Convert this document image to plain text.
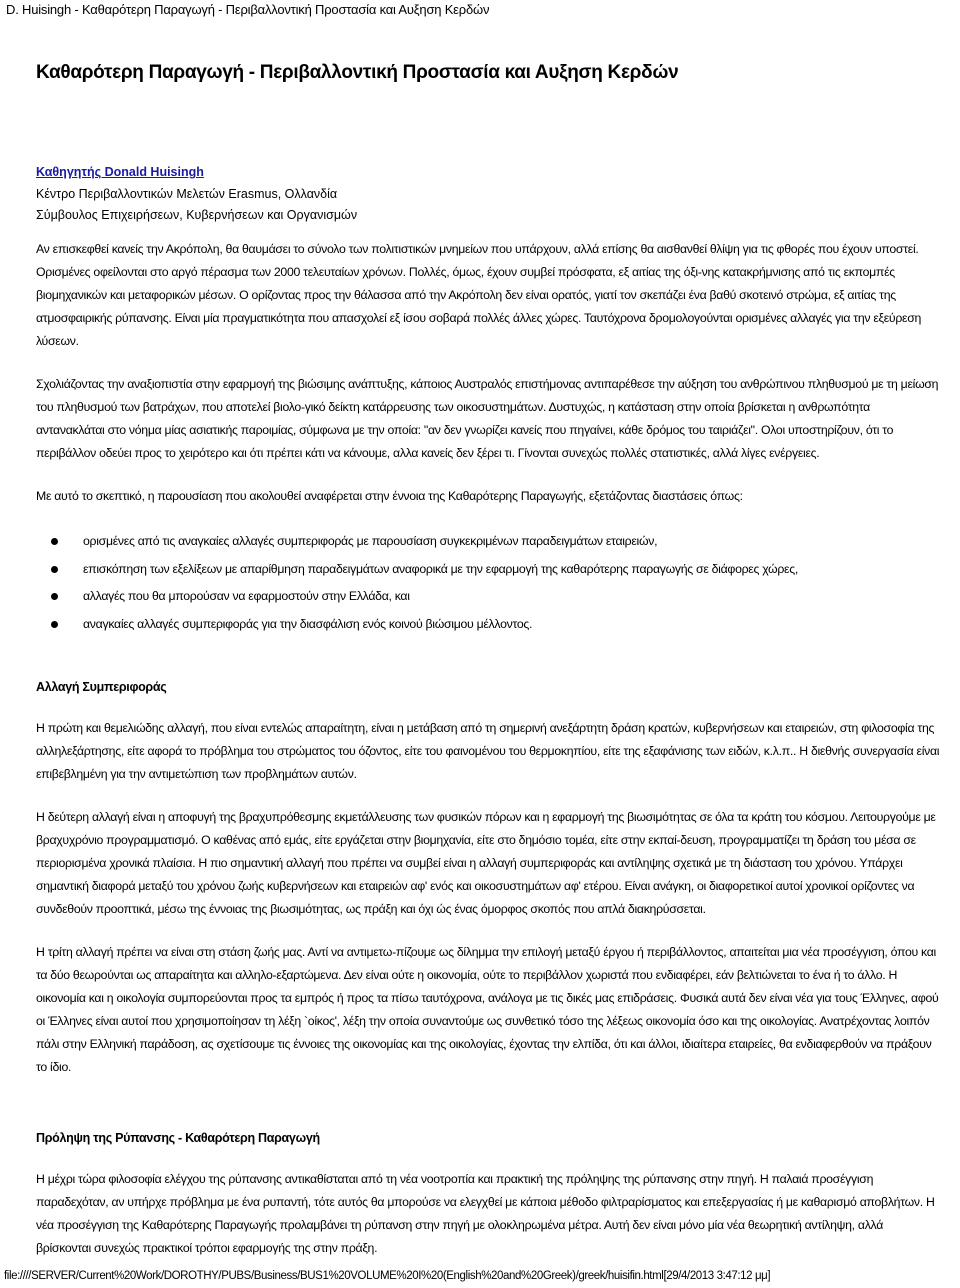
D. Huisingh - Καθαρότερη Παραγωγή - Περιβαλλοντική Προστασία και Αυξηση Κερδών
Καθαρότερη Παραγωγή - Περιβαλλοντική Προστασία και Αυξηση Κερδών
Καθηγητής Donald Huisingh
Κέντρο Περιβαλλοντικών Μελετών Erasmus, Ολλανδία
Σύμβουλος Επιχειρήσεων, Κυβερνήσεων και Οργανισμών

Αν επισκεφθεί κανείς την Ακρόπολη, θα θαυμάσει το σύνολο των πολιτιστικών μνημείων που υπάρχουν, αλλά επίσης θα αισθανθεί θλίψη για τις φθορές που έχουν υποστεί. Ορισμένες οφείλονται στο αργό πέρασμα των 2000 τελευταίων χρόνων. Πολλές, όμως, έχουν συμβεί πρόσφατα, εξ αιτίας της όξι-νης κατακρήμνισης από τις εκπομπές βιομηχανικών και μεταφορικών μέσων. Ο ορίζοντας προς την θάλασσα από την Ακρόπολη δεν είναι ορατός, γιατί τον σκεπάζει ένα βαθύ σκοτεινό στρώμα, εξ αιτίας της ατμοσφαιρικής ρύπανσης. Είναι μία πραγματικότητα που απασχολεί εξ ίσου σοβαρά πολλές άλλες χώρες. Ταυτόχρονα δρομολογούνται ορισμένες αλλαγές για την εξεύρεση λύσεων.

Σχολιάζοντας την αναξιοπιστία στην εφαρμογή της βιώσιμης ανάπτυξης, κάποιος Αυστραλός επιστήμονας αντιπαρέθεσε την αύξηση του ανθρώπινου πληθυσμού με τη μείωση του πληθυσμού των βατράχων, που αποτελεί βιολο-γικό δείκτη κατάρρευσης των οικοσυστημάτων. Δυστυχώς, η κατάσταση στην οποία βρίσκεται η ανθρωπότητα αντανακλάται στο νόημα μίας ασιατικής παροιμίας, σύμφωνα με την οποία: "αν δεν γνωρίζει κανείς που πηγαίνει, κάθε δρόμος του ταιριάζει". Ολοι υποστηρίζουν, ότι το περιβάλλον οδεύει προς το χειρότερο και ότι πρέπει κάτι να κάνουμε, αλλα κανείς δεν ξέρει τι. Γίνονται συνεχώς πολλές στατιστικές, αλλά λίγες ενέργειες.

Με αυτό το σκεπτικό, η παρουσίαση που ακολουθεί αναφέρεται στην έννοια της Καθαρότερης Παραγωγής, εξετάζοντας διαστάσεις όπως:

ορισμένες από τις αναγκαίες αλλαγές συμπεριφοράς με παρουσίαση συγκεκριμένων παραδειγμάτων εταιρειών,
επισκόπηση των εξελίξεων με απαρίθμηση παραδειγμάτων αναφορικά με την εφαρμογή της καθαρότερης παραγωγής σε διάφορες χώρες,
αλλαγές που θα μπορούσαν να εφαρμοστούν στην Ελλάδα, και
αναγκαίες αλλαγές συμπεριφοράς για την διασφάλιση ενός κοινού βιώσιμου μέλλοντος.

Αλλαγή Συμπεριφοράς

Η πρώτη και θεμελιώδης αλλαγή, που είναι εντελώς απαραίτητη, είναι η μετάβαση από τη σημερινή ανεξάρτητη δράση κρατών, κυβερνήσεων και εταιρειών, στη φιλοσοφία της αλληλεξάρτησης, είτε αφορά το πρόβλημα του στρώματος του όζοντος, είτε του φαινομένου του θερμοκηπίου, είτε της εξαφάνισης των ειδών, κ.λ.π.. Η διεθνής συνεργασία είναι επιβεβλημένη για την αντιμετώπιση των προβλημάτων αυτών.

Η δεύτερη αλλαγή είναι η αποφυγή της βραχυπρόθεσμης εκμετάλλευσης των φυσικών πόρων και η εφαρμογή της βιωσιμότητας σε όλα τα κράτη του κόσμου. Λειτουργούμε με βραχυχρόνιο προγραμματισμό. Ο καθένας από εμάς, είτε εργάζεται στην βιομηχανία, είτε στο δημόσιο τομέα, είτε στην εκπαί-δευση, προγραμματίζει τη δράση του μέσα σε περιορισμένα χρονικά πλαίσια. Η πιο σημαντική αλλαγή που πρέπει να συμβεί είναι η αλλαγή συμπεριφοράς και αντίληψης σχετικά με τη διάσταση του χρόνου. Υπάρχει σημαντική διαφορά μεταξύ του χρόνου ζωής κυβερνήσεων και εταιρειών αφ' ενός και οικοσυστημάτων αφ' ετέρου. Είναι ανάγκη, οι διαφορετικοί αυτοί χρονικοί ορίζοντες να συνδεθούν προοπτικά, μέσω της έννοιας της βιωσιμότητας, ως πράξη και όχι ώς ένας όμορφος σκοπός που απλά διακηρύσσεται.

Η τρίτη αλλαγή πρέπει να είναι στη στάση ζωής μας. Αντί να αντιμετω-πίζουμε ως δίλημμα την επιλογή μεταξύ έργου ή περιβάλλοντος, απαιτείται μια νέα προσέγγιση, όπου και τα δύο θεωρούνται ως απαραίτητα και αλληλο-εξαρτώμενα. Δεν είναι ούτε η οικονομία, ούτε το περιβάλλον χωριστά που ενδιαφέρει, εάν βελτιώνεται το ένα ή το άλλο. Η οικονομία και η οικολογία συμπορεύονται προς τα εμπρός ή προς τα πίσω ταυτόχρονα, ανάλογα με τις δικές μας επιδράσεις. Φυσικά αυτά δεν είναι νέα για τους Έλληνες, αφού οι Έλληνες είναι αυτοί που χρησιμοποίησαν τη λέξη `οίκος', λέξη την οποία συναντούμε ως συνθετικό τόσο της λέξεως οικονομία όσο και της οικολογίας. Ανατρέχοντας λοιπόν πάλι στην Ελληνική παράδοση, ας σχετίσουμε τις έννοιες της οικονομίας και της οικολογίας, έχοντας την ελπίδα, ότι και άλλοι, ιδιαίτερα εταιρείες, θα ενδιαφερθούν να πράξουν το ίδιο.

Πρόληψη της Ρύπανσης - Καθαρότερη Παραγωγή

Η μέχρι τώρα φιλοσοφία ελέγχου της ρύπανσης αντικαθίσταται από τη νέα νοοτροπία και πρακτική της πρόληψης της ρύπανσης στην πηγή. Η παλαιά προσέγγιση παραδεχόταν, αν υπήρχε πρόβλημα με ένα ρυπαντή, τότε αυτός θα μπορούσε να ελεγχθεί με κάποια μέθοδο φιλτραρίσματος και επεξεργασίας ή με καθαρισμό αποβλήτων. Η νέα προσέγγιση της Καθαρότερης Παραγωγής προλαμβάνει τη ρύπανση στην πηγή με ολοκληρωμένα μέτρα. Αυτή δεν είναι μόνο μία νέα θεωρητική αντίληψη, αλλά βρίσκονται συνεχώς πρακτικοί τρόποι εφαρμογής της στην πράξη.

file:////SERVER/Current%20Work/DOROTHY/PUBS/Business/BUS1%20VOLUME%20I%20(English%20and%20Greek)/greek/huisifin.html[29/4/2013 3:47:12 μμ]
